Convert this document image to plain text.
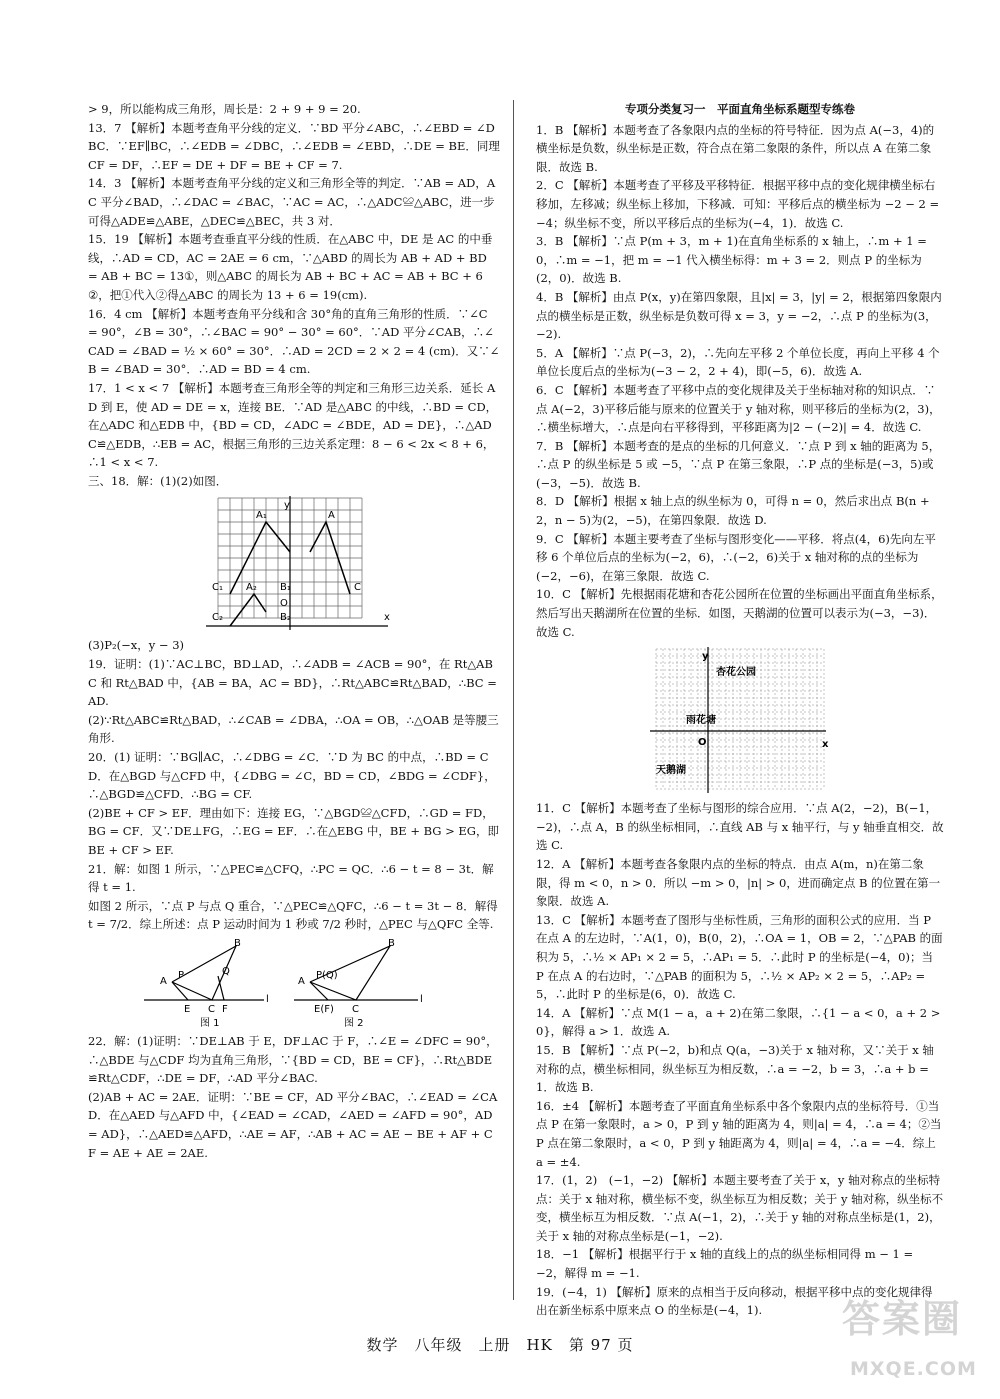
> 9，所以能构成三角形，周长是：2 + 9 + 9 = 20.

13．7 【解析】本题考查角平分线的定义．∵BD 平分∠ABC，∴∠EBD = ∠DBC．∵EF∥BC，∴∠EDB = ∠DBC，∴∠EDB = ∠EBD，∴DE = BE．同理 CF = DF，∴EF = DE + DF = BE + CF = 7.

14．3 【解析】本题考查角平分线的定义和三角形全等的判定．∵AB = AD，AC 平分∠BAD，∴∠DAC = ∠BAC，∵AC = AC，∴△ADC≌△ABC，进一步可得△ADE≌△ABE，△DEC≌△BEC，共 3 对．

15．19 【解析】本题考查垂直平分线的性质．在△ABC 中，DE 是 AC 的中垂线，∴AD = CD，AC = 2AE = 6 cm，∵△ABD 的周长为 AB + AD + BD = AB + BC = 13①，则△ABC 的周长为 AB + BC + AC = AB + BC + 6②，把①代入②得△ABC 的周长为 13 + 6 = 19(cm).

16．4 cm 【解析】本题考查角平分线和含 30°角的直角三角形的性质．∵∠C = 90°，∠B = 30°，∴∠BAC = 90° − 30° = 60°．∵AD 平分∠CAB，∴∠CAD = ∠BAD = ½ × 60° = 30°．∴AD = 2CD = 2 × 2 = 4 (cm)．又∵∠B = ∠BAD = 30°．∴AD = BD = 4 cm.

17．1 < x < 7 【解析】本题考查三角形全等的判定和三角形三边关系．延长 AD 到 E，使 AD = DE = x，连接 BE．∵AD 是△ABC 的中线，∴BD = CD，在△ADC 和△EDB 中，{BD = CD，∠ADC = ∠BDE，AD = DE}，∴△ADC≌△EDB，∴EB = AC，根据三角形的三边关系定理：8 − 6 < 2x < 8 + 6，∴1 < x < 7.

三、18．解：(1)(2)如图．

y
x
O
A
A₁
A₂ B₁
B₂
C
C₁
C₂

(3)P₂(−x，y − 3)

19．证明：(1)∵AC⊥BC，BD⊥AD，∴∠ADB = ∠ACB = 90°，在 Rt△ABC 和 Rt△BAD 中，{AB = BA，AC = BD}，∴Rt△ABC≌Rt△BAD，∴BC = AD.

(2)∵Rt△ABC≌Rt△BAD，∴∠CAB = ∠DBA，∴OA = OB，∴△OAB 是等腰三角形.

20．(1) 证明：∵BG∥AC，∴∠DBG = ∠C．∵D 为 BC 的中点，∴BD = CD．在△BGD 与△CFD 中，{∠DBG = ∠C，BD = CD，∠BDG = ∠CDF}，∴△BGD≌△CFD．∴BG = CF.

(2)BE + CF > EF．理由如下：连接 EG，∵△BGD≌△CFD，∴GD = FD，BG = CF．又∵DE⊥FG，∴EG = EF．∴在△EBG 中，BE + BG > EG，即 BE + CF > EF.

21．解：如图 1 所示，∵△PEC≌△CFQ，∴PC = QC．∴6 − t = 8 − 3t．解得 t = 1.

如图 2 所示，∵点 P 与点 Q 重合，∵△PEC≌△QFC，∴6 − t = 3t − 8．解得 t = 7/2．综上所述：点 P 运动时间为 1 秒或 7/2 秒时，△PEC 与△QFC 全等.

A
P	Q
B
E C F
l
图 1
A
P(Q)
B
E(F) C
l
图 2

22．解：(1)证明：∵DE⊥AB 于 E，DF⊥AC 于 F，∴∠E = ∠DFC = 90°，∴△BDE 与△CDF 均为直角三角形，∵{BD = CD，BE = CF}，∴Rt△BDE≌Rt△CDF，∴DE = DF，∴AD 平分∠BAC.

(2)AB + AC = 2AE．证明：∵BE = CF，AD 平分∠BAC，∴∠EAD = ∠CAD．在△AED 与△AFD 中，{∠EAD = ∠CAD，∠AED = ∠AFD = 90°，AD = AD}，∴△AED≌△AFD，∴AE = AF，∴AB + AC = AE − BE + AF + CF = AE + AE = 2AE.

专项分类复习一　平面直角坐标系题型专练卷

1．B 【解析】本题考查了各象限内点的坐标的符号特征．因为点 A(−3，4)的横坐标是负数，纵坐标是正数，符合点在第二象限的条件，所以点 A 在第二象限．故选 B.

2．C 【解析】本题考查了平移及平移特征．根据平移中点的变化规律横坐标右移加，左移减；纵坐标上移加，下移减．可知：平移后点的横坐标为 −2 − 2 = −4；纵坐标不变，所以平移后点的坐标为(−4，1)．故选 C.

3．B 【解析】∵点 P(m + 3，m + 1)在直角坐标系的 x 轴上，∴m + 1 = 0，∴m = −1，把 m = −1 代入横坐标得：m + 3 = 2．则点 P 的坐标为(2，0)．故选 B.

4．B 【解析】由点 P(x，y)在第四象限，且|x| = 3，|y| = 2，根据第四象限内点的横坐标是正数，纵坐标是负数可得 x = 3，y = −2，∴点 P 的坐标为(3，−2).

5．A 【解析】∵点 P(−3，2)，∴先向左平移 2 个单位长度，再向上平移 4 个单位长度后点的坐标为(−3 − 2，2 + 4)，即(−5，6)．故选 A.

6．C 【解析】本题考查了平移中点的变化规律及关于坐标轴对称的知识点．∵点 A(−2，3)平移后能与原来的位置关于 y 轴对称，则平移后的坐标为(2，3)，∴横坐标增大，∴点是向右平移得到，平移距离为|2 − (−2)| = 4．故选 C.

7．B 【解析】本题考查的是点的坐标的几何意义．∵点 P 到 x 轴的距离为 5，∴点 P 的纵坐标是 5 或 −5，∵点 P 在第三象限，∴P 点的坐标是(−3，5)或(−3，−5)．故选 B.

8．D 【解析】根据 x 轴上点的纵坐标为 0，可得 n = 0，然后求出点 B(n + 2，n − 5)为(2，−5)，在第四象限．故选 D.

9．C 【解析】本题主要考查了坐标与图形变化——平移．将点(4，6)先向左平移 6 个单位后点的坐标为(−2，6)，∴(−2，6)关于 x 轴对称的点的坐标为(−2，−6)，在第三象限．故选 C.

10．C 【解析】先根据雨花塘和杏花公园所在位置的坐标画出平面直角坐标系，然后写出天鹅湖所在位置的坐标．如图，天鹅湖的位置可以表示为(−3，−3)．故选 C.

y
x
O
杏花公园
雨花塘
天鹅湖

11．C 【解析】本题考查了坐标与图形的综合应用．∵点 A(2，−2)，B(−1，−2)，∴点 A，B 的纵坐标相同，∴直线 AB 与 x 轴平行，与 y 轴垂直相交．故选 C.

12．A 【解析】本题考查各象限内点的坐标的特点．由点 A(m，n)在第二象限，得 m < 0，n > 0．所以 −m > 0，|n| > 0，进而确定点 B 的位置在第一象限．故选 A.

13．C 【解析】本题考查了图形与坐标性质，三角形的面积公式的应用．当 P 在点 A 的左边时，∵A(1，0)，B(0，2)，∴OA = 1，OB = 2，∵△PAB 的面积为 5，∴½ × AP₁ × 2 = 5，∴AP₁ = 5．∴此时 P 的坐标是(−4，0)；当 P 在点 A 的右边时，∵△PAB 的面积为 5，∴½ × AP₂ × 2 = 5，∴AP₂ = 5，∴此时 P 的坐标是(6，0)．故选 C.

14．A 【解析】∵点 M(1 − a，a + 2)在第二象限，∴{1 − a < 0，a + 2 > 0}，解得 a > 1．故选 A.

15．B 【解析】∵点 P(−2，b)和点 Q(a，−3)关于 x 轴对称，又∵关于 x 轴对称的点，横坐标相同，纵坐标互为相反数，∴a = −2，b = 3，∴a + b = 1．故选 B.

16．±4 【解析】本题考查了平面直角坐标系中各个象限内点的坐标符号．①当点 P 在第一象限时，a > 0，P 到 y 轴的距离为 4，则|a| = 4，∴a = 4；②当 P 点在第二象限时，a < 0，P 到 y 轴距离为 4，则|a| = 4，∴a = −4．综上 a = ±4.

17．(1，2)　(−1，−2) 【解析】本题主要考查了关于 x，y 轴对称点的坐标特点：关于 x 轴对称，横坐标不变，纵坐标互为相反数；关于 y 轴对称，纵坐标不变，横坐标互为相反数．∵点 A(−1，2)，∴关于 y 轴的对称点坐标是(1，2)，关于 x 轴的对称点坐标是(−1，−2).

18．−1 【解析】根据平行于 x 轴的直线上的点的纵坐标相同得 m − 1 = −2，解得 m = −1.

19．(−4，1) 【解析】原来的点相当于反向移动，根据平移中点的变化规律得出在新坐标系中原来点 O 的坐标是(−4，1).

数学　八年级　上册　HK　第 97 页
答案圈
MXQE.COM
